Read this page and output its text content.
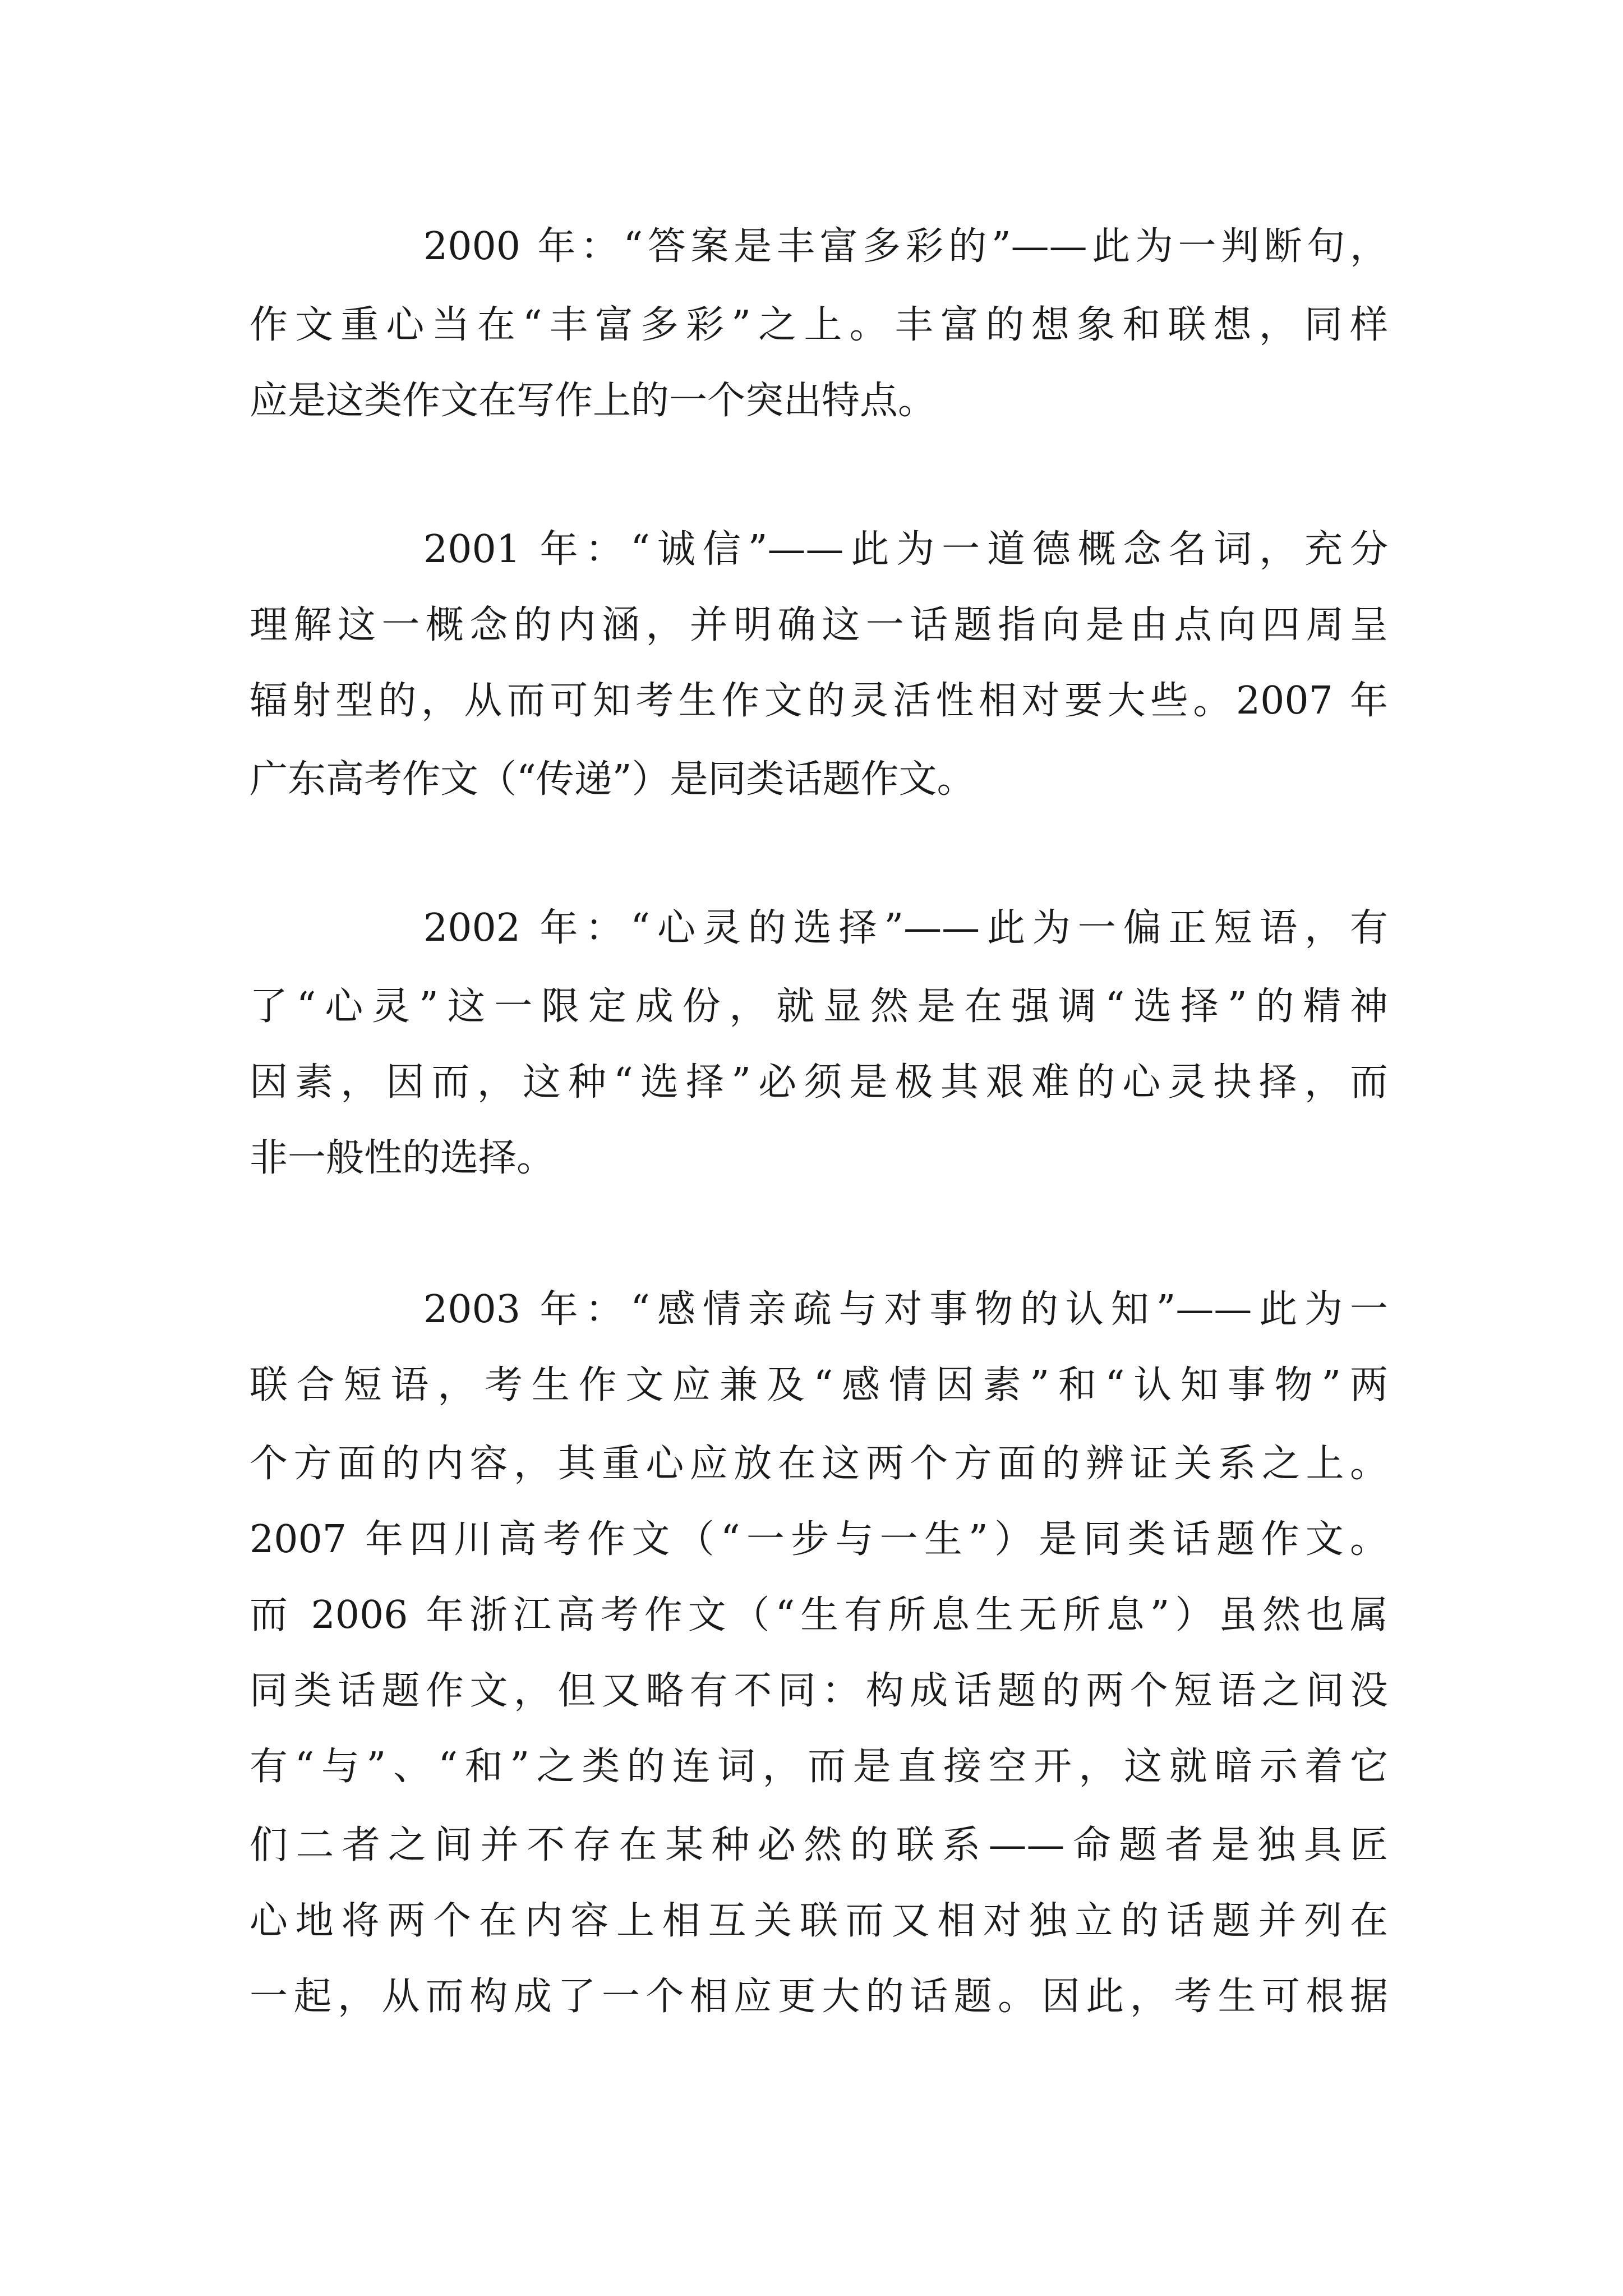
2000 年：“答案是丰富多彩的”——此为一判断句，
作文重心当在“丰富多彩”之上。丰富的想象和联想，同样
应是这类作文在写作上的一个突出特点。
2001 年：“诚信”——此为一道德概念名词，充分
理解这一概念的内涵，并明确这一话题指向是由点向四周呈
辐射型的，从而可知考生作文的灵活性相对要大些。2007 年
广东高考作文（“传递”）是同类话题作文。
2002 年：“心灵的选择”——此为一偏正短语，有
了“心灵”这一限定成份，就显然是在强调“选择”的精神
因素，因而，这种“选择”必须是极其艰难的心灵抉择，而
非一般性的选择。
2003 年：“感情亲疏与对事物的认知”——此为一
联合短语，考生作文应兼及“感情因素”和“认知事物”两
个方面的内容，其重心应放在这两个方面的辨证关系之上。
2007 年四川高考作文（“一步与一生”）是同类话题作文。
而 2006 年浙江高考作文（“生有所息生无所息”）虽然也属
同类话题作文，但又略有不同：构成话题的两个短语之间没
有“与”、“和”之类的连词，而是直接空开，这就暗示着它
们二者之间并不存在某种必然的联系——命题者是独具匠
心地将两个在内容上相互关联而又相对独立的话题并列在
一起，从而构成了一个相应更大的话题。因此，考生可根据
